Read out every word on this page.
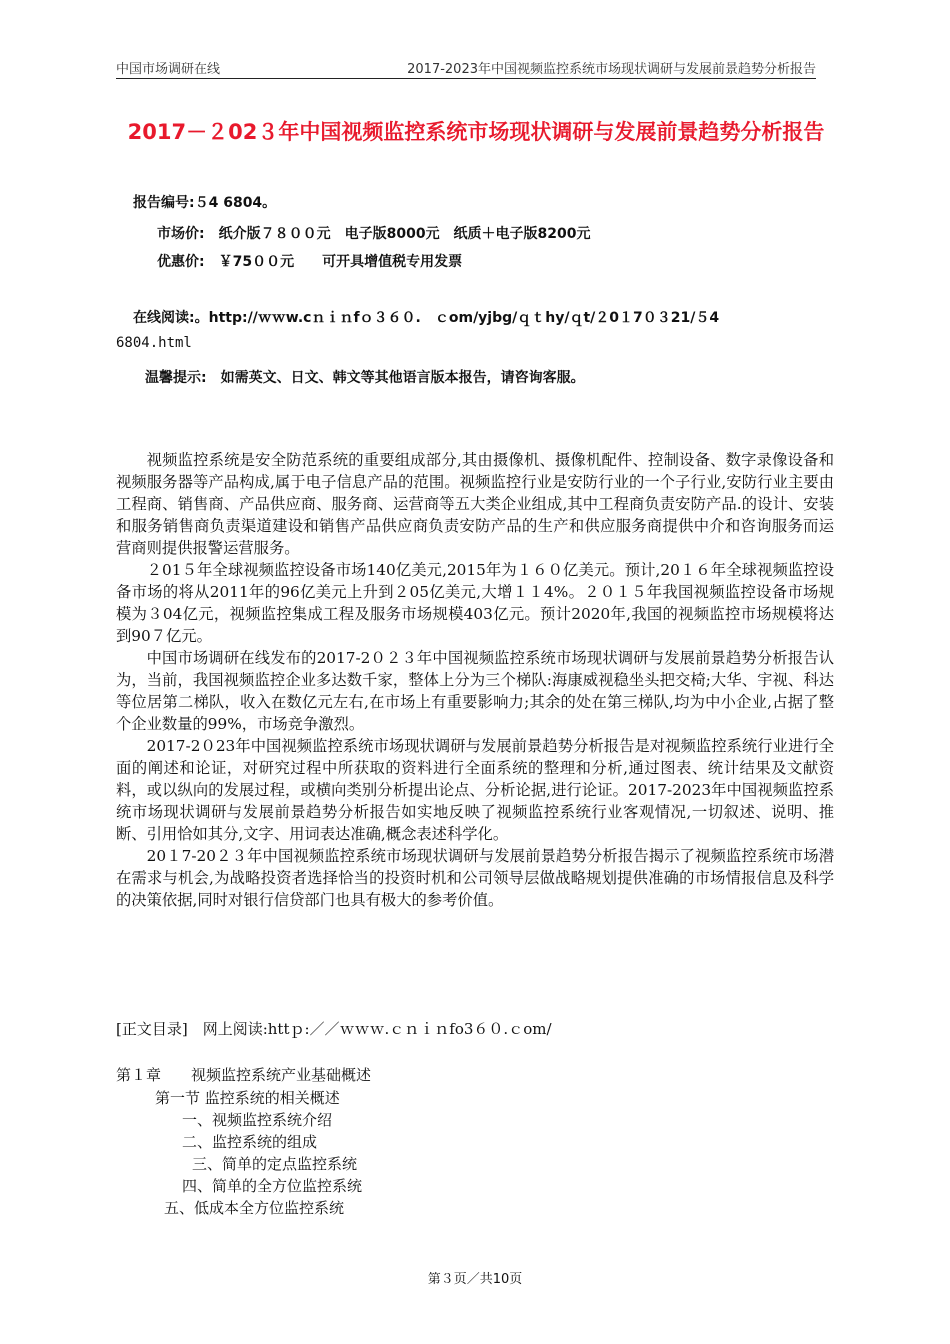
中国市场调研在线	2017-2023年中国视频监控系统市场现状调研与发展前景趋势分析报告
2017－２02３年中国视频监控系统市场现状调研与发展前景趋势分析报告
报告编号:５4 6804。
市场价:　纸介版７８００元　电子版8000元　纸质＋电子版8200元
优惠价:　￥75００元　　可开具增值税专用发票
在线阅读:。http://ｗｗw.cｎｉｎfｏ３６０.　ｃom/yjbg/ｑｔhy/ｑt/２0１7０３21/５4
6804.html
温馨提示:　如需英文、日文、韩文等其他语言版本报告，请咨询客服。

视频监控系统是安全防范系统的重要组成部分,其由摄像机、摄像机配件、控制设备、数字录像设备和视频服务器等产品构成,属于电子信息产品的范围。视频监控行业是安防行业的一个子行业,安防行业主要由工程商、销售商、产品供应商、服务商、运营商等五大类企业组成,其中工程商负责安防产品.的设计、安装和服务销售商负责渠道建设和销售产品供应商负责安防产品的生产和供应服务商提供中介和咨询服务而运营商则提供报警运营服务。

２01５年全球视频监控设备市场140亿美元,2015年为１６０亿美元。预计,20１６年全球视频监控设备市场的将从2011年的96亿美元上升到２05亿美元,大增１１4%。２０１５年我国视频监控设备市场规模为３04亿元，视频监控集成工程及服务市场规模403亿元。预计2020年,我国的视频监控市场规模将达到90７亿元。

中国市场调研在线发布的2017-2０２３年中国视频监控系统市场现状调研与发展前景趋势分析报告认为，当前，我国视频监控企业多达数千家，整体上分为三个梯队:海康威视稳坐头把交椅;大华、宇视、科达等位居第二梯队，收入在数亿元左右,在市场上有重要影响力;其余的处在第三梯队,均为中小企业,占据了整个企业数量的99%，市场竞争激烈。

2017-2０23年中国视频监控系统市场现状调研与发展前景趋势分析报告是对视频监控系统行业进行全面的阐述和论证，对研究过程中所获取的资料进行全面系统的整理和分析,通过图表、统计结果及文献资料，或以纵向的发展过程，或横向类别分析提出论点、分析论据,进行论证。2017-2023年中国视频监控系统市场现状调研与发展前景趋势分析报告如实地反映了视频监控系统行业客观情况,一切叙述、说明、推断、引用恰如其分,文字、用词表达准确,概念表述科学化。

20１7-20２３年中国视频监控系统市场现状调研与发展前景趋势分析报告揭示了视频监控系统市场潜在需求与机会,为战略投资者选择恰当的投资时机和公司领导层做战略规划提供准确的市场情报信息及科学的决策依据,同时对银行信贷部门也具有极大的参考价值。

[正文目录]　网上阅读:httｐ:／／ｗｗｗ.ｃｎｉｎfo3６０.ｃom/
第１章　　视频监控系统产业基础概述
第一节 监控系统的相关概述
一、视频监控系统介绍
二、监控系统的组成
三、简单的定点监控系统
四、简单的全方位监控系统
五、低成本全方位监控系统
第３页／共10页
